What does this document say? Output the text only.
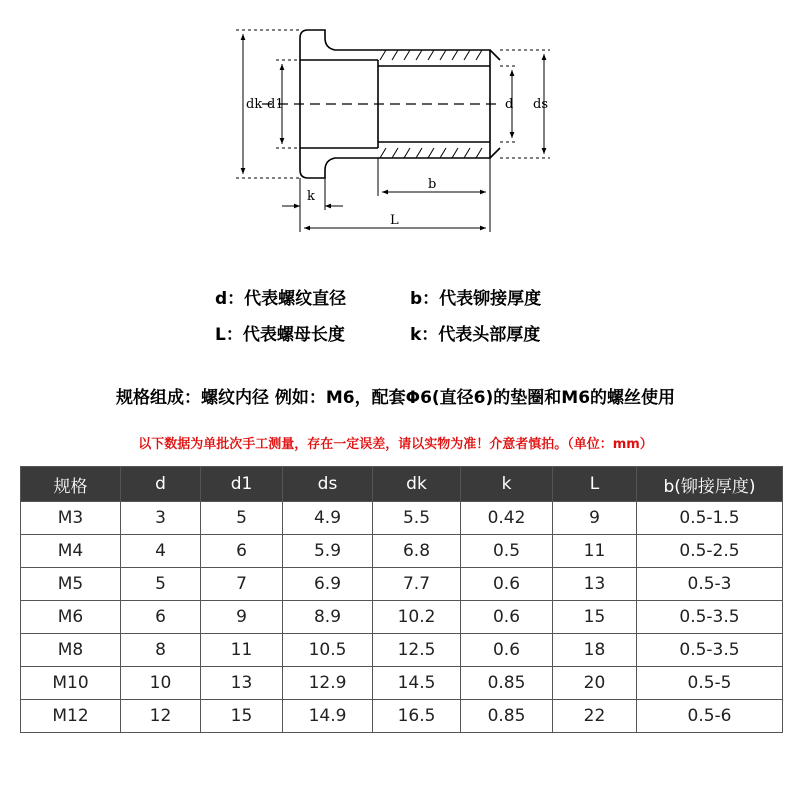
dk d1	d ds
k
b
L
d：代表螺纹直径	b：代表铆接厚度
L：代表螺母长度	k：代表头部厚度
规格组成：螺纹内径 例如：M6，配套Φ6(直径6)的垫圈和M6的螺丝使用
以下数据为单批次手工测量，存在一定误差，请以实物为准！介意者慎拍。（单位：mm）
规格	d	d1	ds	dk	k	L	b(铆接厚度)
M3	3	5	4.9	5.5	0.42	9	0.5-1.5
M4	4	6	5.9	6.8	0.5	11	0.5-2.5
M5	5	7	6.9	7.7	0.6	13	0.5-3
M6	6	9	8.9	10.2	0.6	15	0.5-3.5
M8	8	11	10.5	12.5	0.6	18	0.5-3.5
M10	10	13	12.9	14.5	0.85	20	0.5-5
M12	12	15	14.9	16.5	0.85	22	0.5-6
